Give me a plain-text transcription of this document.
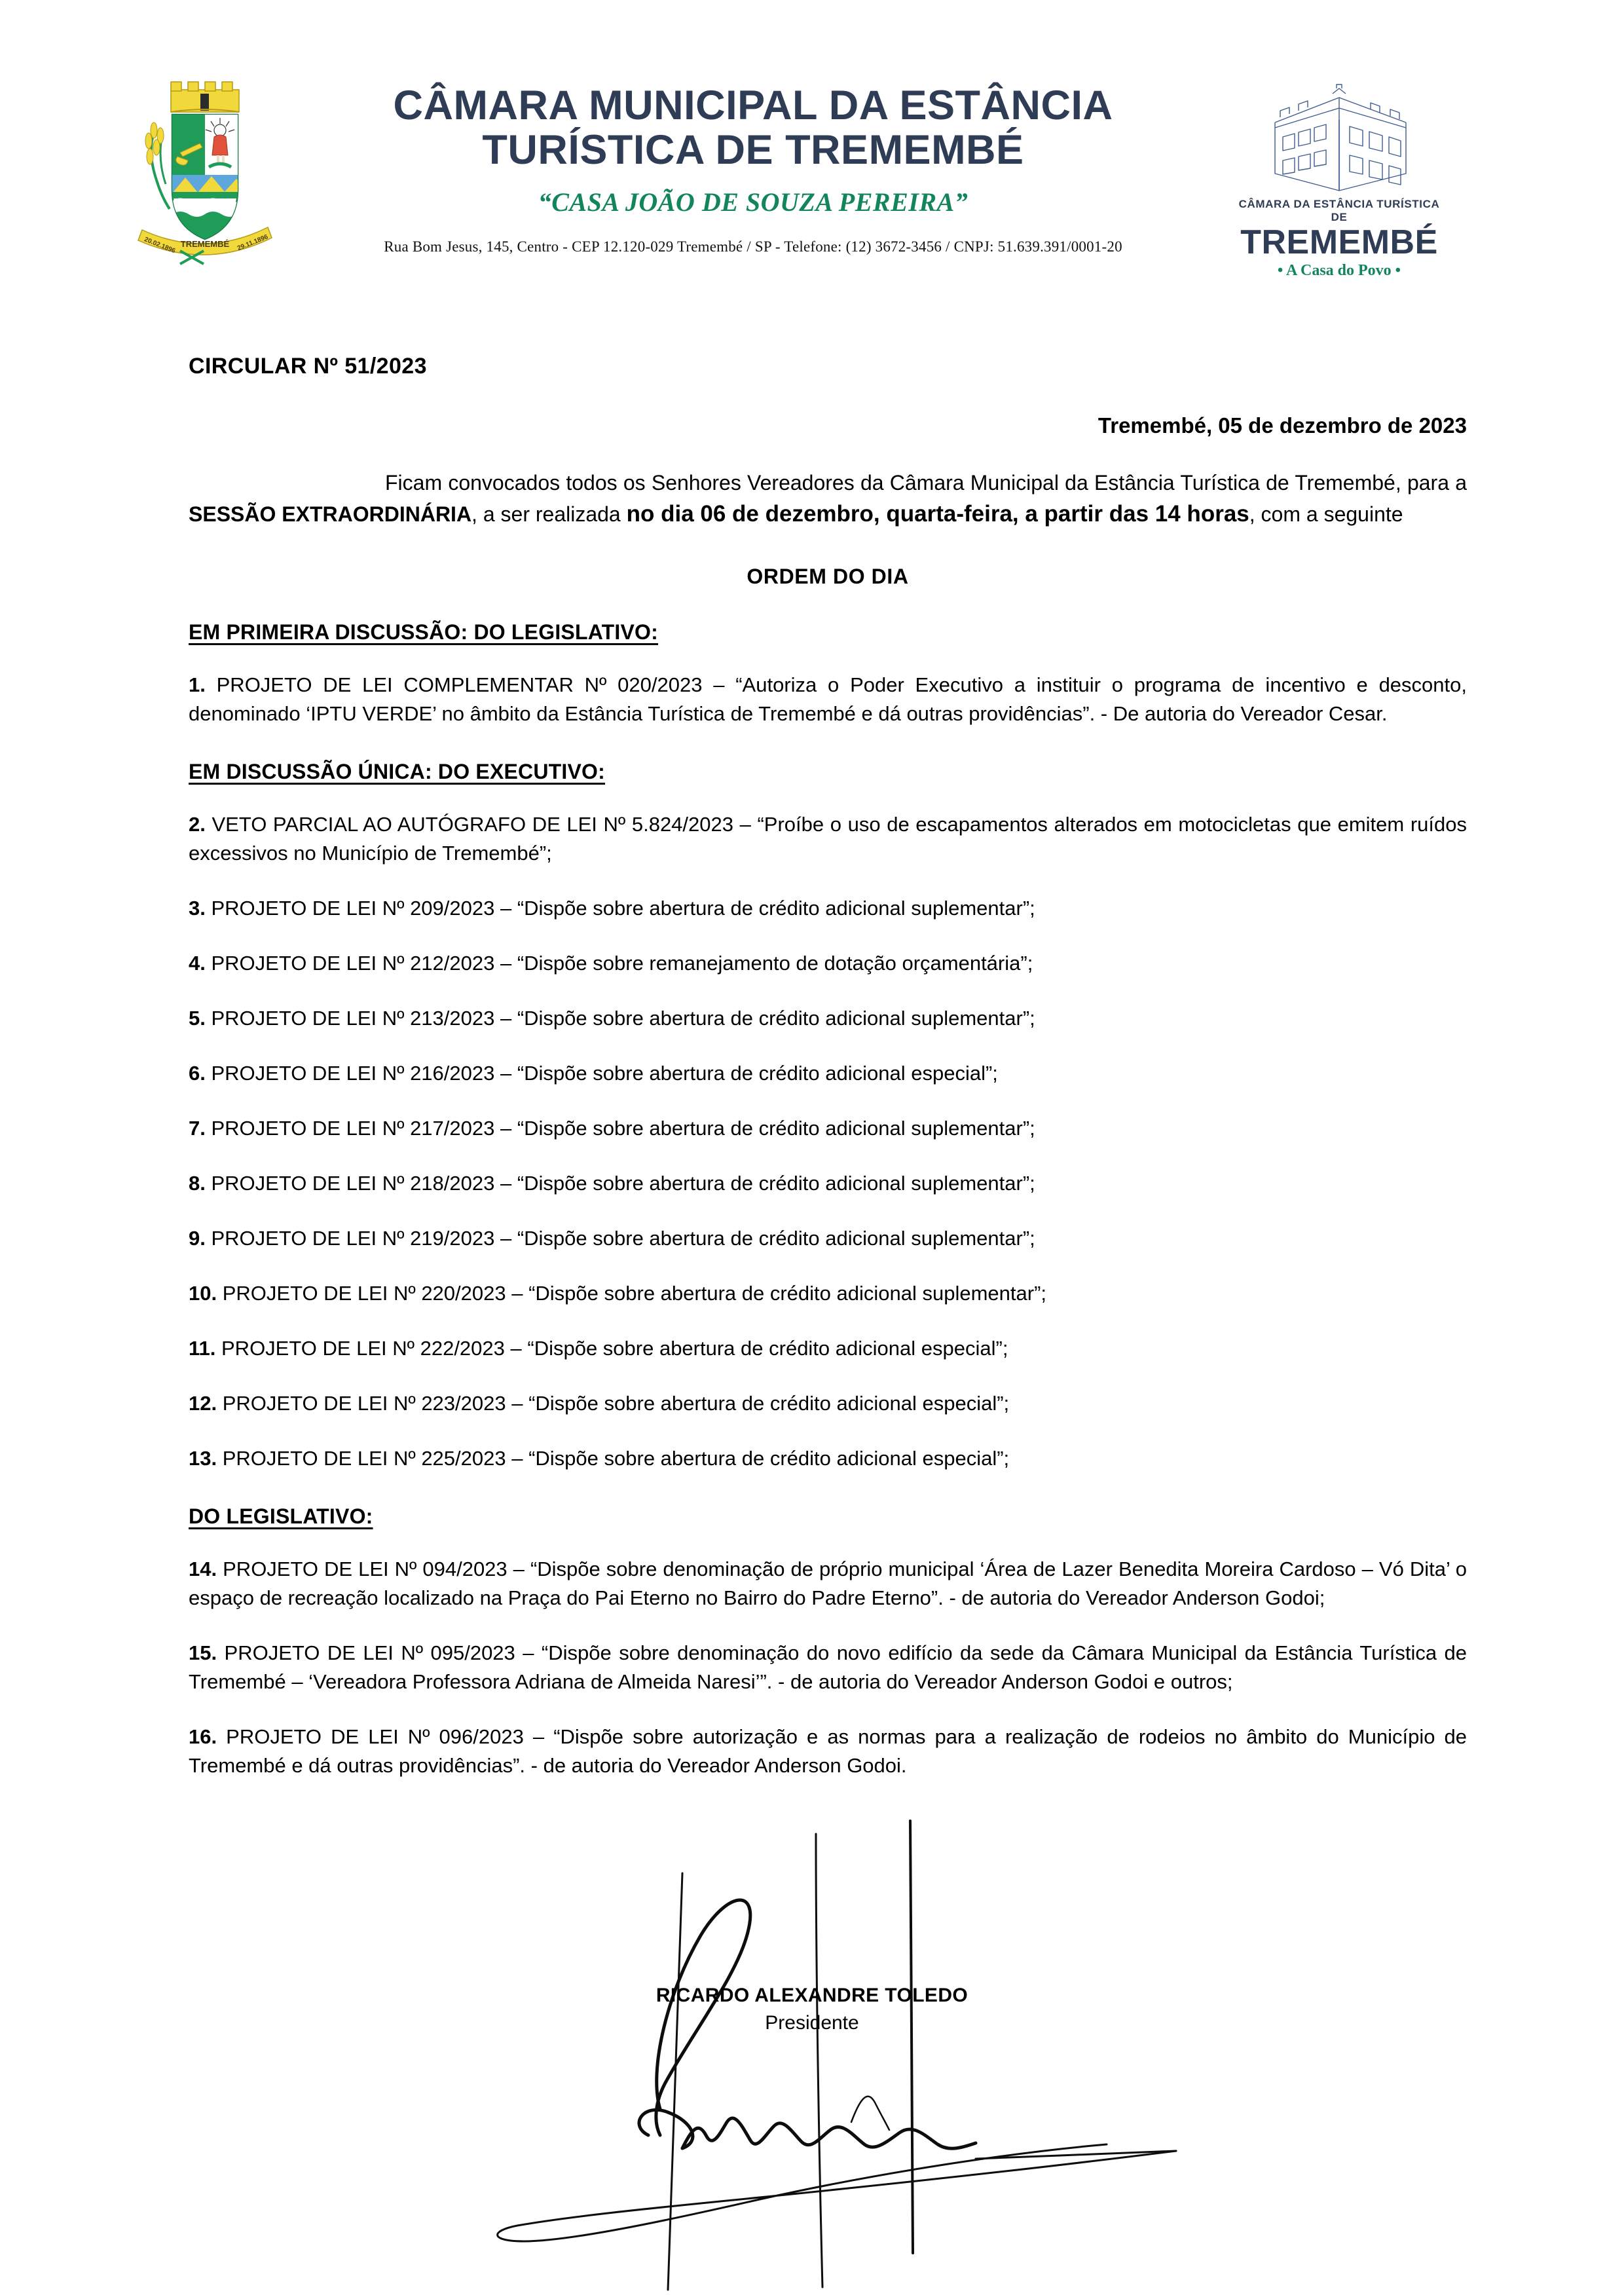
TREMEMBÉ
20.02.1896	29.11.1896
CÂMARA MUNICIPAL DA ESTÂNCIA
TURÍSTICA DE TREMEMBÉ
“CASA JOÃO DE SOUZA PEREIRA”
Rua Bom Jesus, 145, Centro - CEP 12.120-029 Tremembé / SP - Telefone: (12) 3672-3456 / CNPJ: 51.639.391/0001-20
CÂMARA DA ESTÂNCIA TURÍSTICA DE
TREMEMBÉ
• A Casa do Povo •
CIRCULAR Nº 51/2023
Tremembé, 05 de dezembro de 2023
Ficam convocados todos os Senhores Vereadores da Câmara Municipal da Estância Turística de Tremembé, para a SESSÃO EXTRAORDINÁRIA, a ser realizada no dia 06 de dezembro, quarta-feira, a partir das 14 horas, com a seguinte
ORDEM DO DIA
EM PRIMEIRA DISCUSSÃO: DO LEGISLATIVO:
1. PROJETO DE LEI COMPLEMENTAR Nº 020/2023 – “Autoriza o Poder Executivo a instituir o programa de incentivo e desconto, denominado ‘IPTU VERDE’ no âmbito da Estância Turística de Tremembé e dá outras providências”. - De autoria do Vereador Cesar.
EM DISCUSSÃO ÚNICA: DO EXECUTIVO:
2. VETO PARCIAL AO AUTÓGRAFO DE LEI Nº 5.824/2023 – “Proíbe o uso de escapamentos alterados em motocicletas que emitem ruídos excessivos no Município de Tremembé”;
3. PROJETO DE LEI Nº 209/2023 – “Dispõe sobre abertura de crédito adicional suplementar”;
4. PROJETO DE LEI Nº 212/2023 – “Dispõe sobre remanejamento de dotação orçamentária”;
5. PROJETO DE LEI Nº 213/2023 – “Dispõe sobre abertura de crédito adicional suplementar”;
6. PROJETO DE LEI Nº 216/2023 – “Dispõe sobre abertura de crédito adicional especial”;
7. PROJETO DE LEI Nº 217/2023 – “Dispõe sobre abertura de crédito adicional suplementar”;
8. PROJETO DE LEI Nº 218/2023 – “Dispõe sobre abertura de crédito adicional suplementar”;
9. PROJETO DE LEI Nº 219/2023 – “Dispõe sobre abertura de crédito adicional suplementar”;
10. PROJETO DE LEI Nº 220/2023 – “Dispõe sobre abertura de crédito adicional suplementar”;
11. PROJETO DE LEI Nº 222/2023 – “Dispõe sobre abertura de crédito adicional especial”;
12. PROJETO DE LEI Nº 223/2023 – “Dispõe sobre abertura de crédito adicional especial”;
13. PROJETO DE LEI Nº 225/2023 – “Dispõe sobre abertura de crédito adicional especial”;
DO LEGISLATIVO:
14. PROJETO DE LEI Nº 094/2023 – “Dispõe sobre denominação de próprio municipal ‘Área de Lazer Benedita Moreira Cardoso – Vó Dita’ o espaço de recreação localizado na Praça do Pai Eterno no Bairro do Padre Eterno”. - de autoria do Vereador Anderson Godoi;
15. PROJETO DE LEI Nº 095/2023 – “Dispõe sobre denominação do novo edifício da sede da Câmara Municipal da Estância Turística de Tremembé – ‘Vereadora Professora Adriana de Almeida Naresi’”. - de autoria do Vereador Anderson Godoi e outros;
16. PROJETO DE LEI Nº 096/2023 – “Dispõe sobre autorização e as normas para a realização de rodeios no âmbito do Município de Tremembé e dá outras providências”. - de autoria do Vereador Anderson Godoi.
RICARDO ALEXANDRE TOLEDO
Presidente
